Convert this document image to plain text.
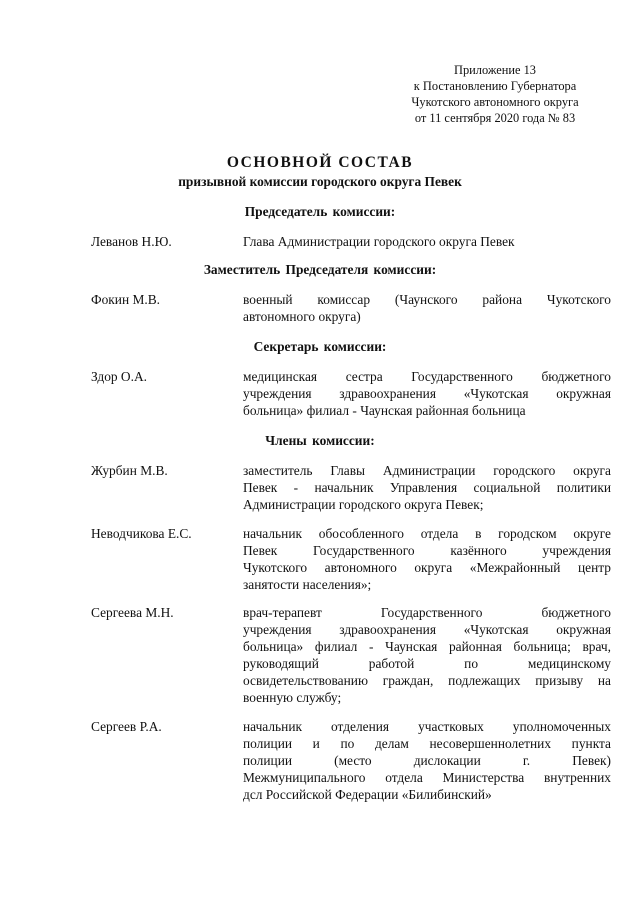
Приложение 13
к Постановлению Губернатора
Чукотского автономного округа
от 11 сентября 2020 года № 83
ОСНОВНОЙ СОСТАВ
призывной комиссии городского округа Певек
Председатель комиссии:
Леванов Н.Ю.	Глава Администрации городского округа Певек
Заместитель Председателя комиссии:
Фокин М.В.	военный комиссар (Чаунского района Чукотского
автономного округа)
Секретарь комиссии:
Здор О.А.	медицинская сестра Государственного бюджетного
учреждения здравоохранения «Чукотская окружная
больница» филиал - Чаунская районная больница
Члены комиссии:
Журбин М.В.	заместитель Главы Администрации городского округа
Певек - начальник Управления социальной политики
Администрации городского округа Певек;
Неводчикова Е.С.	начальник обособленного отдела в городском округе
Певек Государственного казённого учреждения
Чукотского автономного округа «Межрайонный центр
занятости населения»;
Сергеева М.Н.	врач-терапевт Государственного бюджетного
учреждения здравоохранения «Чукотская окружная
больница» филиал - Чаунская районная больница; врач,
руководящий работой по медицинскому
освидетельствованию граждан, подлежащих призыву на
военную службу;
Сергеев Р.А.	начальник отделения участковых уполномоченных
полиции и по делам несовершеннолетних пункта
полиции (место дислокации г. Певек)
Межмуниципального отдела Министерства внутренних
дсл Российской Федерации «Билибинский»
